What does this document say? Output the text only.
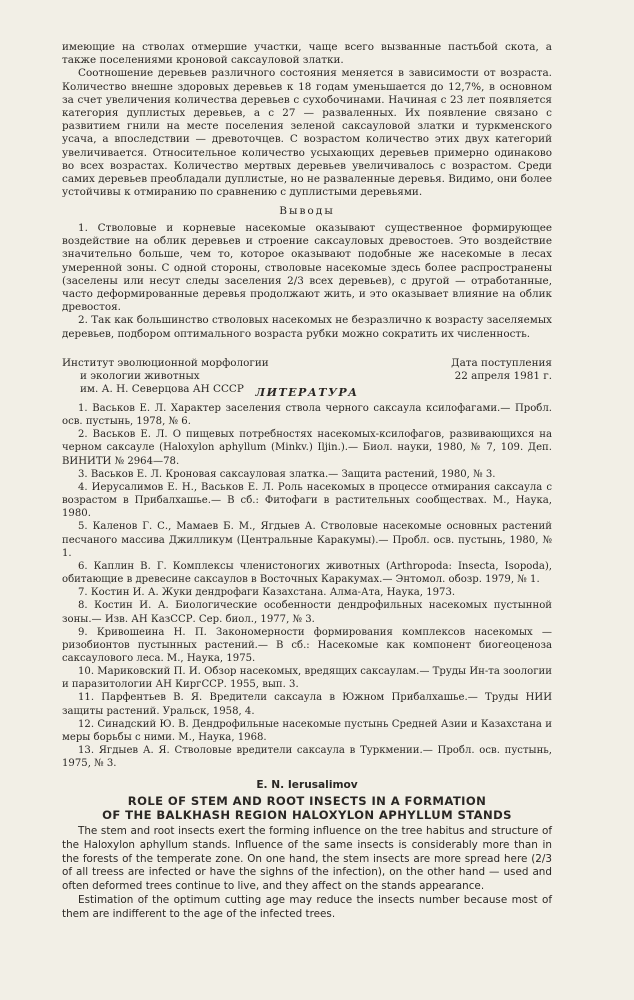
имеющие на стволах отмершие участки, чаще всего вызванные пастьбой скота, а также поселениями кроновой саксауловой златки.

Соотношение деревьев различного состояния меняется в зависимости от возраста. Количество внешне здоровых деревьев к 18 годам уменьшается до 12,7%, в основном за счет увеличения количества деревьев с сухобочинами. Начиная с 23 лет появляется категория дуплистых деревьев, а с 27 — разваленных. Их появление связано с развитием гнили на месте поселения зеленой саксауловой златки и туркменского усача, а впоследствии — древоточцев. С возрастом количество этих двух категорий увеличивается. Относительное количество усыхающих деревьев примерно одинаково во всех возрастах. Количество мертвых деревьев увеличивалось с возрастом. Среди самих деревьев преобладали дуплистые, но не разваленные деревья. Видимо, они более устойчивы к отмиранию по сравнению с дуплистыми деревьями.

Выводы

1. Стволовые и корневые насекомые оказывают существенное формирующее воздействие на облик деревьев и строение саксауловых древостоев. Это воздействие значительно больше, чем то, которое оказывают подобные же насекомые в лесах умеренной зоны. С одной стороны, стволовые насекомые здесь более распространены (заселены или несут следы заселения 2/3 всех деревьев), с другой — отработанные, часто деформированные деревья продолжают жить, и это оказывает влияние на облик древостоя.

2. Так как большинство стволовых насекомых не безразлично к возрасту заселяемых деревьев, подбором оптимального возраста рубки можно сократить их численность.

Институт эволюционной морфологии
и экологии животных
им. А. Н. Северцова АН СССР
Дата поступления
22 апреля 1981 г.
ЛИТЕРАТУРА

1. Васьков Е. Л. Характер заселения ствола черного саксаула ксилофагами.— Пробл. осв. пустынь, 1978, № 6.

2. Васьков Е. Л. О пищевых потребностях насекомых-ксилофагов, развивающихся на черном саксауле (Haloxylon aphyllum (Minkv.) Iljin.).— Биол. науки, 1980, № 7, 109. Деп. ВИНИТИ № 2964—78.

3. Васьков Е. Л. Кроновая саксауловая златка.— Защита растений, 1980, № 3.

4. Иерусалимов Е. Н., Васьков Е. Л. Роль насекомых в процессе отмирания саксаула с возрастом в Прибалхашье.— В сб.: Фитофаги в растительных сообществах. М., Наука, 1980.

5. Каленов Г. С., Мамаев Б. М., Ягдыев А. Стволовые насекомые основных растений песчаного массива Джилликум (Центральные Каракумы).— Пробл. осв. пустынь, 1980, № 1.

6. Каплин В. Г. Комплексы членистоногих животных (Arthropoda: Insecta, Isopoda), обитающие в древесине саксаулов в Восточных Каракумах.— Энтомол. обозр. 1979, № 1.

7. Костин И. А. Жуки дендрофаги Казахстана. Алма-Ата, Наука, 1973.

8. Костин И. А. Биологические особенности дендрофильных насекомых пустынной зоны.— Изв. АН КазССР. Сер. биол., 1977, № 3.

9. Кривошеина Н. П. Закономерности формирования комплексов насекомых — ризобионтов пустынных растений.— В сб.: Насекомые как компонент биогеоценоза саксаулового леса. М., Наука, 1975.

10. Мариковский П. И. Обзор насекомых, вредящих саксаулам.— Труды Ин-та зоологии и паразитологии АН КиргССР. 1955, вып. 3.

11. Парфентьев В. Я. Вредители саксаула в Южном Прибалхашье.— Труды НИИ защиты растений. Уральск, 1958, 4.

12. Синадский Ю. В. Дендрофильные насекомые пустынь Средней Азии и Казахстана и меры борьбы с ними. М., Наука, 1968.

13. Ягдыев А. Я. Стволовые вредители саксаула в Туркмении.— Пробл. осв. пустынь, 1975, № 3.

E. N. Ierusalimov
ROLE OF STEM AND ROOT INSECTS IN A FORMATION
OF THE BALKHASH REGION HALOXYLON APHYLLUM STANDS

The stem and root insects exert the forming influence on the tree habitus and structure of the Haloxylon aphyllum stands. Influence of the same insects is considerably more than in the forests of the temperate zone. On one hand, the stem insects are more spread here (2/3 of all treess are infected or have the sighns of the infection), on the other hand — used and often deformed trees continue to live, and they affect on the stands appearance.

Estimation of the optimum cutting age may reduce the insects number because most of them are indifferent to the age of the infected trees.
